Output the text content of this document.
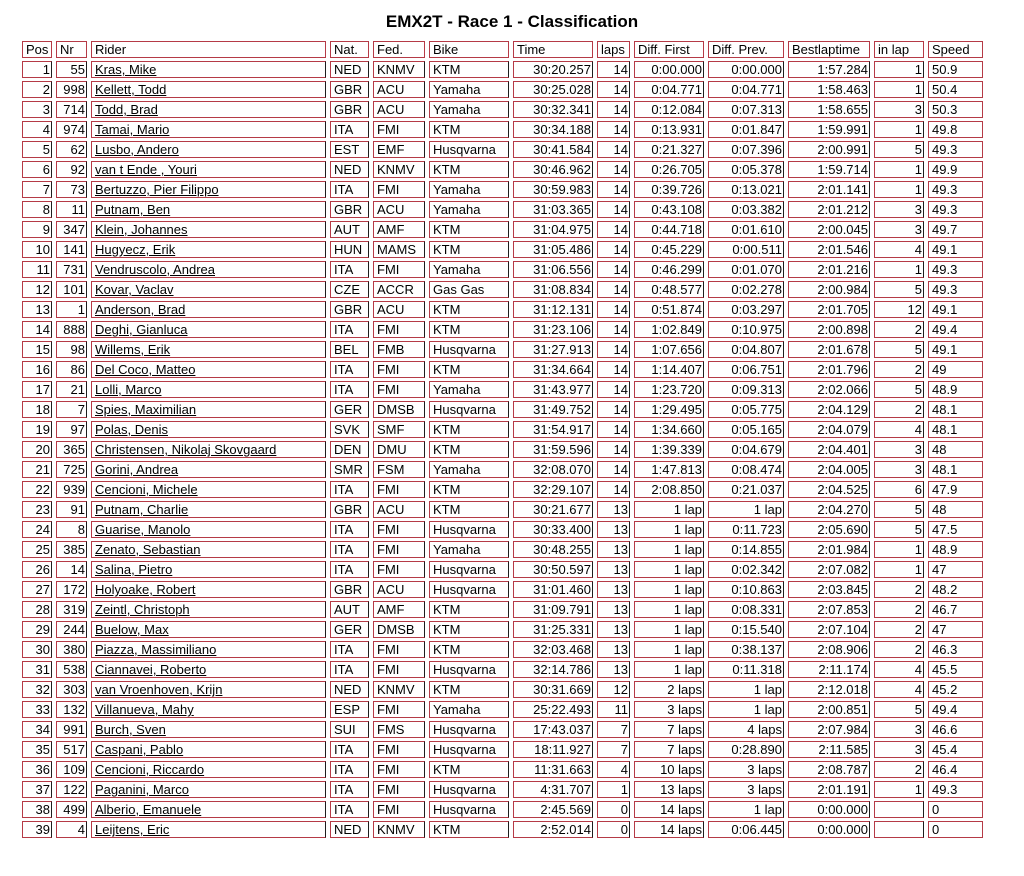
EMX2T - Race 1 - Classification
Pos	Nr	Rider	Nat.	Fed.	Bike	Time	laps	Diff. First	Diff. Prev.	Bestlaptime	in lap	Speed
1	55	Kras, Mike	NED	KNMV	KTM	30:20.257	14	0:00.000	0:00.000	1:57.284	1	50.9
2	998	Kellett, Todd	GBR	ACU	Yamaha	30:25.028	14	0:04.771	0:04.771	1:58.463	1	50.4
3	714	Todd, Brad	GBR	ACU	Yamaha	30:32.341	14	0:12.084	0:07.313	1:58.655	3	50.3
4	974	Tamai, Mario	ITA	FMI	KTM	30:34.188	14	0:13.931	0:01.847	1:59.991	1	49.8
5	62	Lusbo, Andero	EST	EMF	Husqvarna	30:41.584	14	0:21.327	0:07.396	2:00.991	5	49.3
6	92	van t Ende , Youri	NED	KNMV	KTM	30:46.962	14	0:26.705	0:05.378	1:59.714	1	49.9
7	73	Bertuzzo, Pier Filippo	ITA	FMI	Yamaha	30:59.983	14	0:39.726	0:13.021	2:01.141	1	49.3
8	11	Putnam, Ben	GBR	ACU	Yamaha	31:03.365	14	0:43.108	0:03.382	2:01.212	3	49.3
9	347	Klein, Johannes	AUT	AMF	KTM	31:04.975	14	0:44.718	0:01.610	2:00.045	3	49.7
10	141	Hugyecz, Erik	HUN	MAMS	KTM	31:05.486	14	0:45.229	0:00.511	2:01.546	4	49.1
11	731	Vendruscolo, Andrea	ITA	FMI	Yamaha	31:06.556	14	0:46.299	0:01.070	2:01.216	1	49.3
12	101	Kovar, Vaclav	CZE	ACCR	Gas Gas	31:08.834	14	0:48.577	0:02.278	2:00.984	5	49.3
13	1	Anderson, Brad	GBR	ACU	KTM	31:12.131	14	0:51.874	0:03.297	2:01.705	12	49.1
14	888	Deghi, Gianluca	ITA	FMI	KTM	31:23.106	14	1:02.849	0:10.975	2:00.898	2	49.4
15	98	Willems, Erik	BEL	FMB	Husqvarna	31:27.913	14	1:07.656	0:04.807	2:01.678	5	49.1
16	86	Del Coco, Matteo	ITA	FMI	KTM	31:34.664	14	1:14.407	0:06.751	2:01.796	2	49
17	21	Lolli, Marco	ITA	FMI	Yamaha	31:43.977	14	1:23.720	0:09.313	2:02.066	5	48.9
18	7	Spies, Maximilian	GER	DMSB	Husqvarna	31:49.752	14	1:29.495	0:05.775	2:04.129	2	48.1
19	97	Polas, Denis	SVK	SMF	KTM	31:54.917	14	1:34.660	0:05.165	2:04.079	4	48.1
20	365	Christensen, Nikolaj Skovgaard	DEN	DMU	KTM	31:59.596	14	1:39.339	0:04.679	2:04.401	3	48
21	725	Gorini, Andrea	SMR	FSM	Yamaha	32:08.070	14	1:47.813	0:08.474	2:04.005	3	48.1
22	939	Cencioni, Michele	ITA	FMI	KTM	32:29.107	14	2:08.850	0:21.037	2:04.525	6	47.9
23	91	Putnam, Charlie	GBR	ACU	KTM	30:21.677	13	1 lap	1 lap	2:04.270	5	48
24	8	Guarise, Manolo	ITA	FMI	Husqvarna	30:33.400	13	1 lap	0:11.723	2:05.690	5	47.5
25	385	Zenato, Sebastian	ITA	FMI	Yamaha	30:48.255	13	1 lap	0:14.855	2:01.984	1	48.9
26	14	Salina, Pietro	ITA	FMI	Husqvarna	30:50.597	13	1 lap	0:02.342	2:07.082	1	47
27	172	Holyoake, Robert	GBR	ACU	Husqvarna	31:01.460	13	1 lap	0:10.863	2:03.845	2	48.2
28	319	Zeintl, Christoph	AUT	AMF	KTM	31:09.791	13	1 lap	0:08.331	2:07.853	2	46.7
29	244	Buelow, Max	GER	DMSB	KTM	31:25.331	13	1 lap	0:15.540	2:07.104	2	47
30	380	Piazza, Massimiliano	ITA	FMI	KTM	32:03.468	13	1 lap	0:38.137	2:08.906	2	46.3
31	538	Ciannavei, Roberto	ITA	FMI	Husqvarna	32:14.786	13	1 lap	0:11.318	2:11.174	4	45.5
32	303	van Vroenhoven, Krijn	NED	KNMV	KTM	30:31.669	12	2 laps	1 lap	2:12.018	4	45.2
33	132	Villanueva, Mahy	ESP	FMI	Yamaha	25:22.493	11	3 laps	1 lap	2:00.851	5	49.4
34	991	Burch, Sven	SUI	FMS	Husqvarna	17:43.037	7	7 laps	4 laps	2:07.984	3	46.6
35	517	Caspani, Pablo	ITA	FMI	Husqvarna	18:11.927	7	7 laps	0:28.890	2:11.585	3	45.4
36	109	Cencioni, Riccardo	ITA	FMI	KTM	11:31.663	4	10 laps	3 laps	2:08.787	2	46.4
37	122	Paganini, Marco	ITA	FMI	Husqvarna	4:31.707	1	13 laps	3 laps	2:01.191	1	49.3
38	499	Alberio, Emanuele	ITA	FMI	Husqvarna	2:45.569	0	14 laps	1 lap	0:00.000		0
39	4	Leijtens, Eric	NED	KNMV	KTM	2:52.014	0	14 laps	0:06.445	0:00.000		0
